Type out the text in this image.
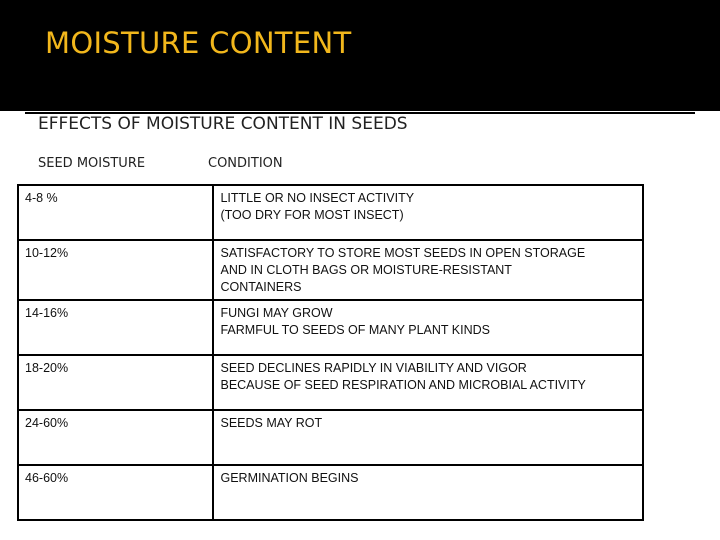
MOISTURE CONTENT
EFFECTS OF MOISTURE CONTENT IN SEEDS
SEED MOISTURE	CONDITION
4-8 %	LITTLE OR NO INSECT ACTIVITY
(TOO DRY FOR MOST INSECT)

10-12%	SATISFACTORY TO STORE MOST SEEDS IN OPEN STORAGE
AND IN CLOTH BAGS OR MOISTURE-RESISTANT
CONTAINERS

14-16%	FUNGI MAY GROW
FARMFUL TO SEEDS OF MANY PLANT KINDS

18-20%	SEED DECLINES RAPIDLY IN VIABILITY AND VIGOR
BECAUSE OF SEED RESPIRATION AND MICROBIAL ACTIVITY

24-60%	SEEDS MAY ROT

46-60%	GERMINATION BEGINS
